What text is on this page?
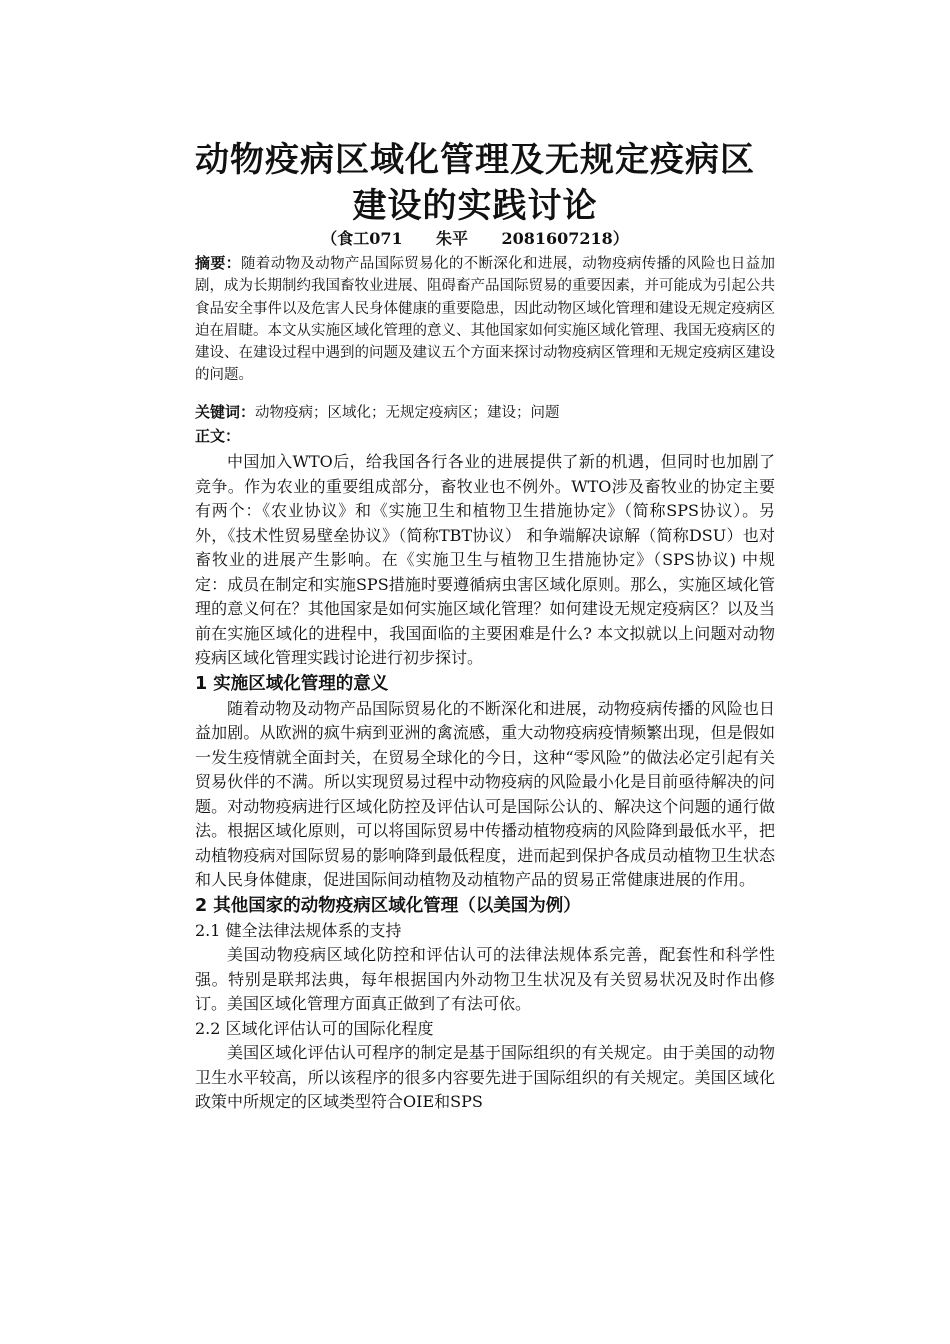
动物疫病区域化管理及无规定疫病区
建设的实践讨论
（食工071      朱平      2081607218）

摘要：随着动物及动物产品国际贸易化的不断深化和进展，动物疫病传播的风险也日益加剧，成为长期制约我国畜牧业进展、阻碍畜产品国际贸易的重要因素，并可能成为引起公共食品安全事件以及危害人民身体健康的重要隐患，因此动物区域化管理和建设无规定疫病区迫在眉睫。本文从实施区域化管理的意义、其他国家如何实施区域化管理、我国无疫病区的建设、在建设过程中遇到的问题及建议五个方面来探讨动物疫病区管理和无规定疫病区建设的问题。

关键词：动物疫病；区域化；无规定疫病区；建设；问题

正文：

中国加入WTO后，给我国各行各业的进展提供了新的机遇，但同时也加剧了竞争。作为农业的重要组成部分，畜牧业也不例外。WTO涉及畜牧业的协定主要有两个：《农业协议》和《实施卫生和植物卫生措施协定》（简称SPS协议）。另外，《技术性贸易壁垒协议》（简称TBT协议） 和争端解决谅解（简称DSU）也对畜牧业的进展产生影响。在《实施卫生与植物卫生措施协定》（SPS协议) 中规定：成员在制定和实施SPS措施时要遵循病虫害区域化原则。那么，实施区域化管理的意义何在？其他国家是如何实施区域化管理？如何建设无规定疫病区？以及当前在实施区域化的进程中，我国面临的主要困难是什么? 本文拟就以上问题对动物疫病区域化管理实践讨论进行初步探讨。

1 实施区域化管理的意义

随着动物及动物产品国际贸易化的不断深化和进展，动物疫病传播的风险也日益加剧。从欧洲的疯牛病到亚洲的禽流感，重大动物疫病疫情频繁出现，但是假如一发生疫情就全面封关，在贸易全球化的今日，这种“零风险”的做法必定引起有关贸易伙伴的不满。所以实现贸易过程中动物疫病的风险最小化是目前亟待解决的问题。对动物疫病进行区域化防控及评估认可是国际公认的、解决这个问题的通行做法。根据区域化原则，可以将国际贸易中传播动植物疫病的风险降到最低水平，把动植物疫病对国际贸易的影响降到最低程度，进而起到保护各成员动植物卫生状态和人民身体健康，促进国际间动植物及动植物产品的贸易正常健康进展的作用。

2 其他国家的动物疫病区域化管理（以美国为例）

2.1 健全法律法规体系的支持

美国动物疫病区域化防控和评估认可的法律法规体系完善，配套性和科学性强。特别是联邦法典，每年根据国内外动物卫生状况及有关贸易状况及时作出修订。美国区域化管理方面真正做到了有法可依。

2.2 区域化评估认可的国际化程度

美国区域化评估认可程序的制定是基于国际组织的有关规定。由于美国的动物卫生水平较高，所以该程序的很多内容要先进于国际组织的有关规定。美国区域化政策中所规定的区域类型符合OIE和SPS
